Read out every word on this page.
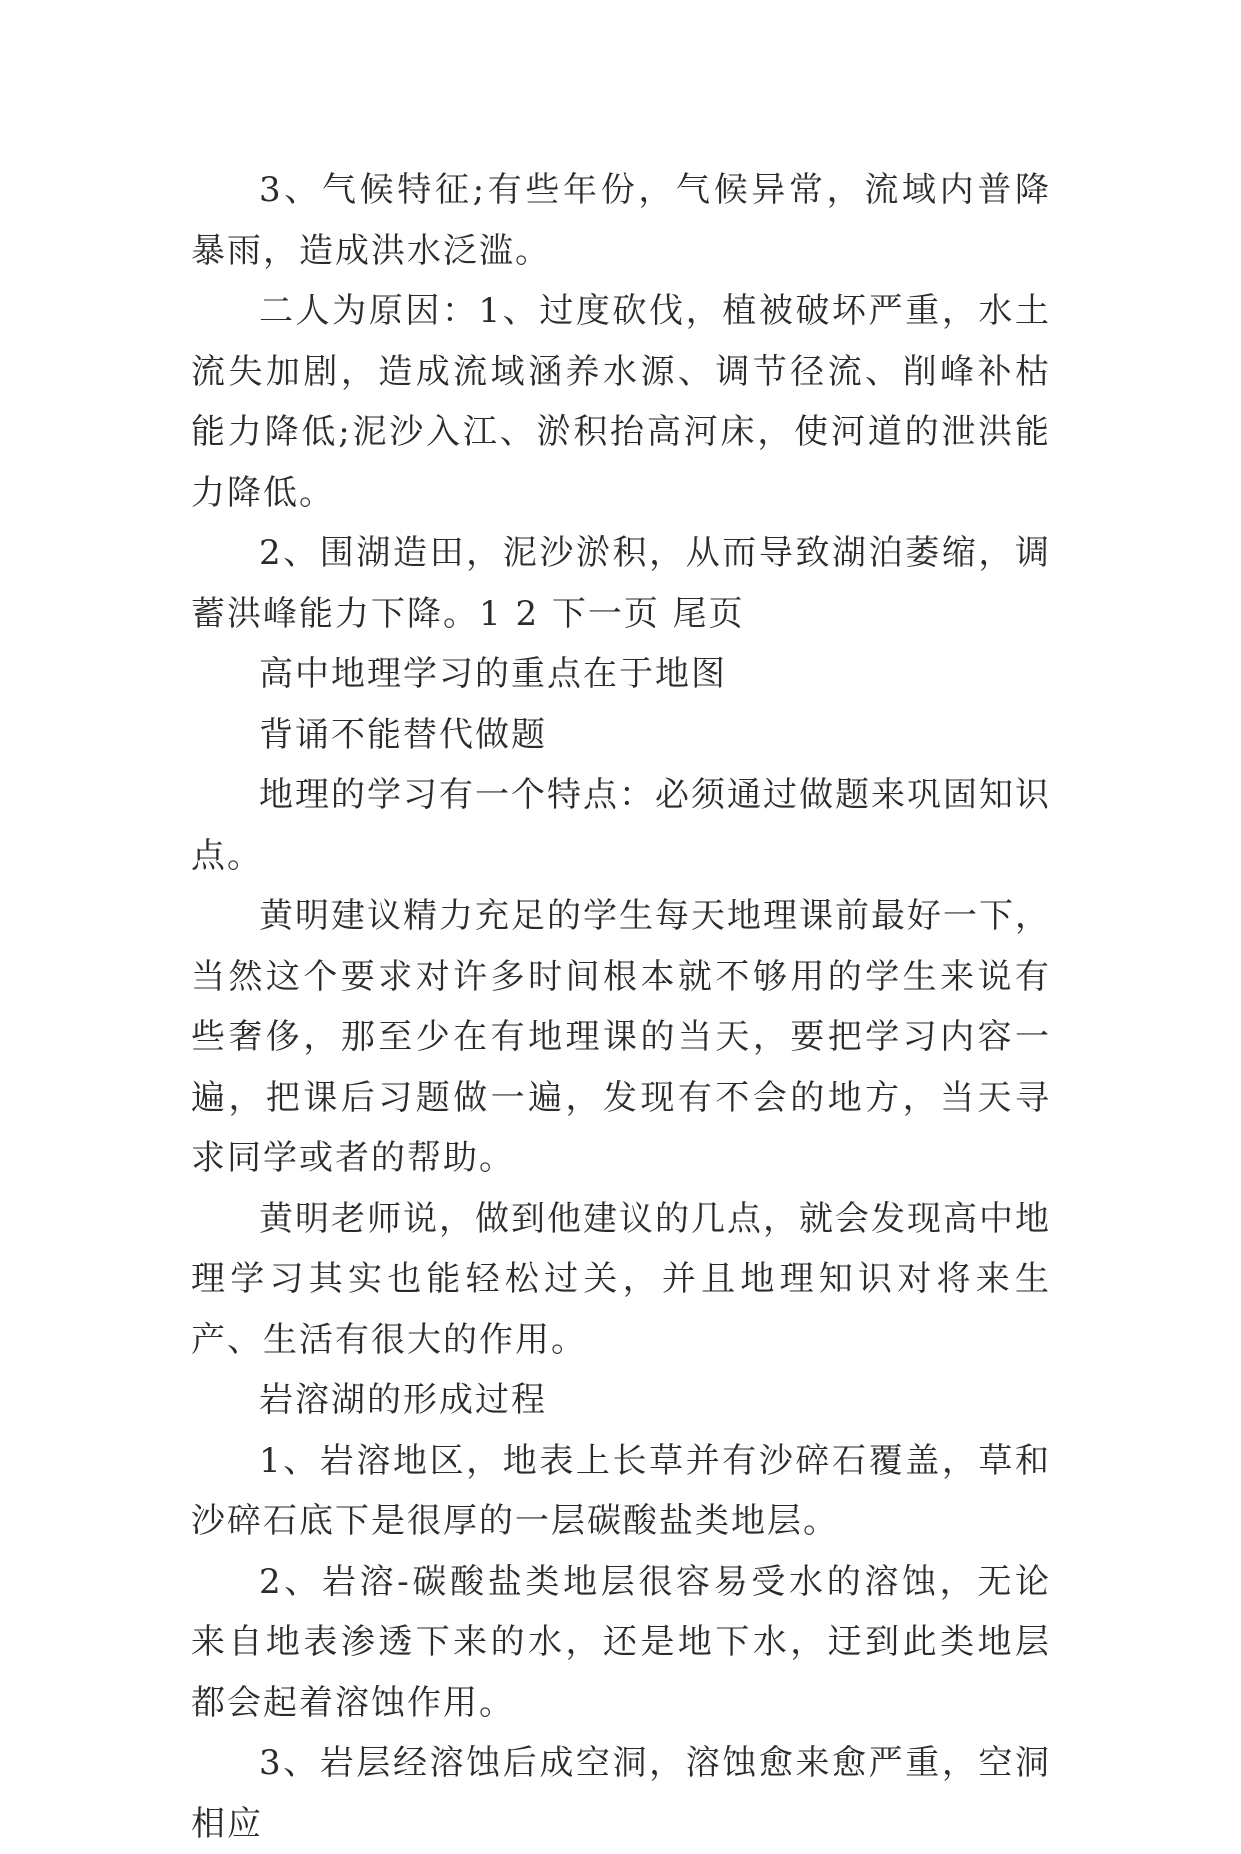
3、气候特征;有些年份，气候异常，流域内普降暴雨，造成洪水泛滥。

二人为原因：1、过度砍伐，植被破坏严重，水土流失加剧，造成流域涵养水源、调节径流、削峰补枯能力降低;泥沙入江、淤积抬高河床，使河道的泄洪能力降低。

2、围湖造田，泥沙淤积，从而导致湖泊萎缩，调蓄洪峰能力下降。1 2 下一页 尾页

高中地理学习的重点在于地图

背诵不能替代做题

地理的学习有一个特点：必须通过做题来巩固知识点。

黄明建议精力充足的学生每天地理课前最好一下，当然这个要求对许多时间根本就不够用的学生来说有些奢侈，那至少在有地理课的当天，要把学习内容一遍，把课后习题做一遍，发现有不会的地方，当天寻求同学或者的帮助。

黄明老师说，做到他建议的几点，就会发现高中地理学习其实也能轻松过关，并且地理知识对将来生产、生活有很大的作用。

岩溶湖的形成过程

1、岩溶地区，地表上长草并有沙碎石覆盖，草和沙碎石底下是很厚的一层碳酸盐类地层。

2、岩溶-碳酸盐类地层很容易受水的溶蚀，无论来自地表渗透下来的水，还是地下水，迂到此类地层都会起着溶蚀作用。

3、岩层经溶蚀后成空洞，溶蚀愈来愈严重，空洞相应
